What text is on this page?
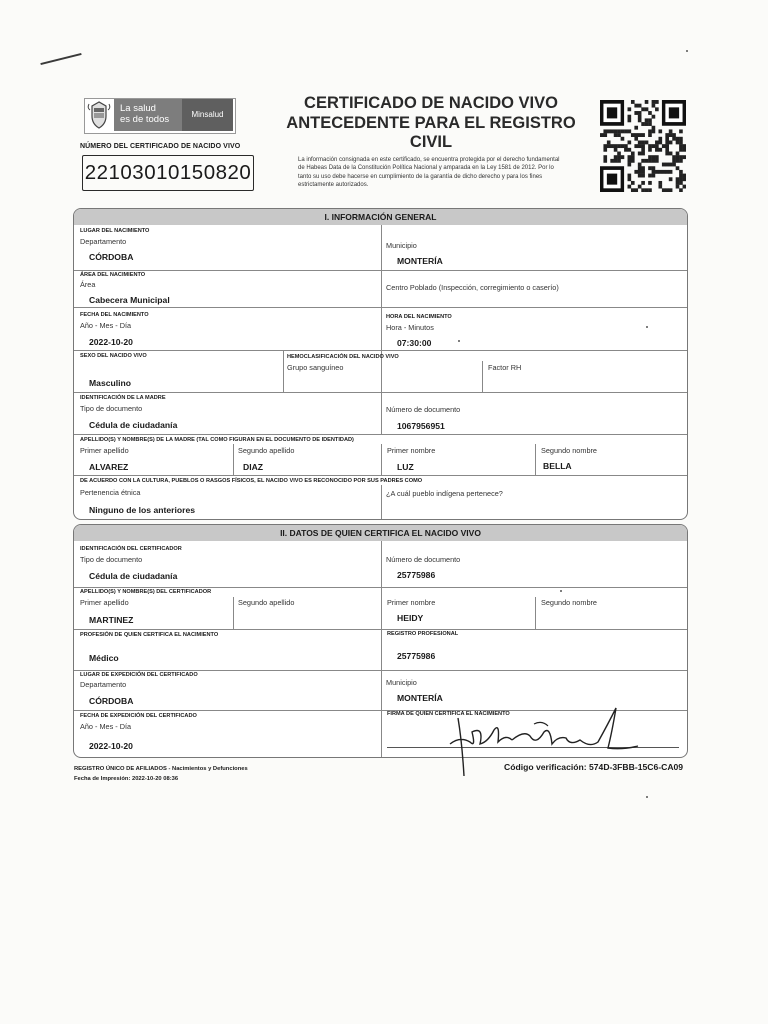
La salud
es de todos	Minsalud
NÚMERO DEL CERTIFICADO DE NACIDO VIVO
22103010150820
CERTIFICADO DE NACIDO VIVO
ANTECEDENTE PARA EL REGISTRO CIVIL
La información consignada en este certificado, se encuentra protegida por el derecho fundamental de Habeas Data de la Constitución Política Nacional y amparada en la Ley 1581 de 2012. Por lo tanto su uso debe hacerse en cumplimiento de la garantía de dicho derecho y para los fines estrictamente autorizados.
I. INFORMACIÓN GENERAL
LUGAR DEL NACIMIENTO
Departamento
CÓRDOBA
Municipio
MONTERÍA
ÁREA DEL NACIMIENTO
Área
Cabecera Municipal
Centro Poblado (Inspección, corregimiento o caserío)
FECHA DEL NACIMIENTO
Año - Mes - Día
2022-10-20
HORA DEL NACIMIENTO
Hora - Minutos
07:30:00
SEXO DEL NACIDO VIVO
Masculino
HEMOCLASIFICACIÓN DEL NACIDO VIVO
Grupo sanguíneo	Factor RH
IDENTIFICACIÓN DE LA MADRE
Tipo de documento
Cédula de ciudadanía
Número de documento
1067956951
APELLIDO(S) Y NOMBRE(S) DE LA MADRE (TAL COMO FIGURAN EN EL DOCUMENTO DE IDENTIDAD)
Primer apellido
ALVAREZ
Segundo apellido
DIAZ
Primer nombre
LUZ
Segundo nombre
BELLA
DE ACUERDO CON LA CULTURA, PUEBLOS O RASGOS FÍSICOS, EL NACIDO VIVO ES RECONOCIDO POR SUS PADRES COMO
Pertenencia étnica
Ninguno de los anteriores
¿A cuál pueblo indígena pertenece?
II. DATOS DE QUIEN CERTIFICA EL NACIDO VIVO
IDENTIFICACIÓN DEL CERTIFICADOR
Tipo de documento
Cédula de ciudadanía
Número de documento
25775986
APELLIDO(S) Y NOMBRE(S) DEL CERTIFICADOR
Primer apellido
MARTINEZ
Segundo apellido	Primer nombre
HEIDY
Segundo nombre
PROFESIÓN DE QUIEN CERTIFICA EL NACIMIENTO
Médico
REGISTRO PROFESIONAL
25775986
LUGAR DE EXPEDICIÓN DEL CERTIFICADO
Departamento
CÓRDOBA
Municipio
MONTERÍA
FECHA DE EXPEDICIÓN DEL CERTIFICADO
Año - Mes - Día
2022-10-20
FIRMA DE QUIEN CERTIFICA EL NACIMIENTO
REGISTRO ÚNICO DE AFILIADOS - Nacimientos y Defunciones
Fecha de Impresión: 2022-10-20 08:36
Código verificación: 574D-3FBB-15C6-CA09
